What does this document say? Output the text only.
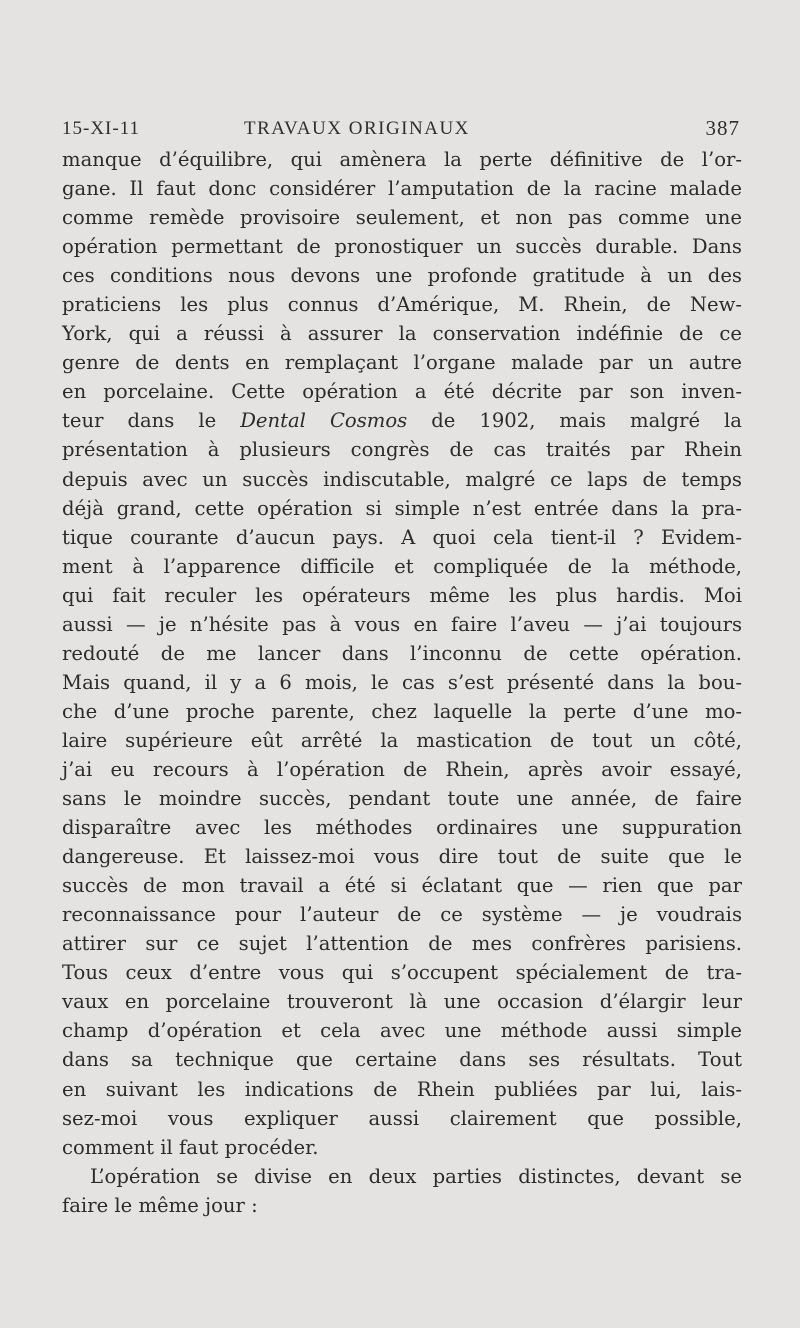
15-XI-11	TRAVAUX ORIGINAUX	387
manque d’équilibre, qui amènera la perte définitive de l’or-
gane. Il faut donc considérer l’amputation de la racine malade
comme remède provisoire seulement, et non pas comme une
opération permettant de pronostiquer un succès durable. Dans
ces conditions nous devons une profonde gratitude à un des
praticiens les plus connus d’Amérique, M. Rhein, de New-
York, qui a réussi à assurer la conservation indéfinie de ce
genre de dents en remplaçant l’organe malade par un autre
en porcelaine. Cette opération a été décrite par son inven-
teur dans le Dental Cosmos de 1902, mais malgré la
présentation à plusieurs congrès de cas traités par Rhein
depuis avec un succès indiscutable, malgré ce laps de temps
déjà grand, cette opération si simple n’est entrée dans la pra-
tique courante d’aucun pays. A quoi cela tient-il ? Evidem-
ment à l’apparence difficile et compliquée de la méthode,
qui fait reculer les opérateurs même les plus hardis. Moi
aussi — je n’hésite pas à vous en faire l’aveu — j’ai toujours
redouté de me lancer dans l’inconnu de cette opération.
Mais quand, il y a 6 mois, le cas s’est présenté dans la bou-
che d’une proche parente, chez laquelle la perte d’une mo-
laire supérieure eût arrêté la mastication de tout un côté,
j’ai eu recours à l’opération de Rhein, après avoir essayé,
sans le moindre succès, pendant toute une année, de faire
disparaître avec les méthodes ordinaires une suppuration
dangereuse. Et laissez-moi vous dire tout de suite que le
succès de mon travail a été si éclatant que — rien que par
reconnaissance pour l’auteur de ce système — je voudrais
attirer sur ce sujet l’attention de mes confrères parisiens.
Tous ceux d’entre vous qui s’occupent spécialement de tra-
vaux en porcelaine trouveront là une occasion d’élargir leur
champ d’opération et cela avec une méthode aussi simple
dans sa technique que certaine dans ses résultats. Tout
en suivant les indications de Rhein publiées par lui, lais-
sez-moi vous expliquer aussi clairement que possible,
comment il faut procéder.
L’opération se divise en deux parties distinctes, devant se
faire le même jour :
